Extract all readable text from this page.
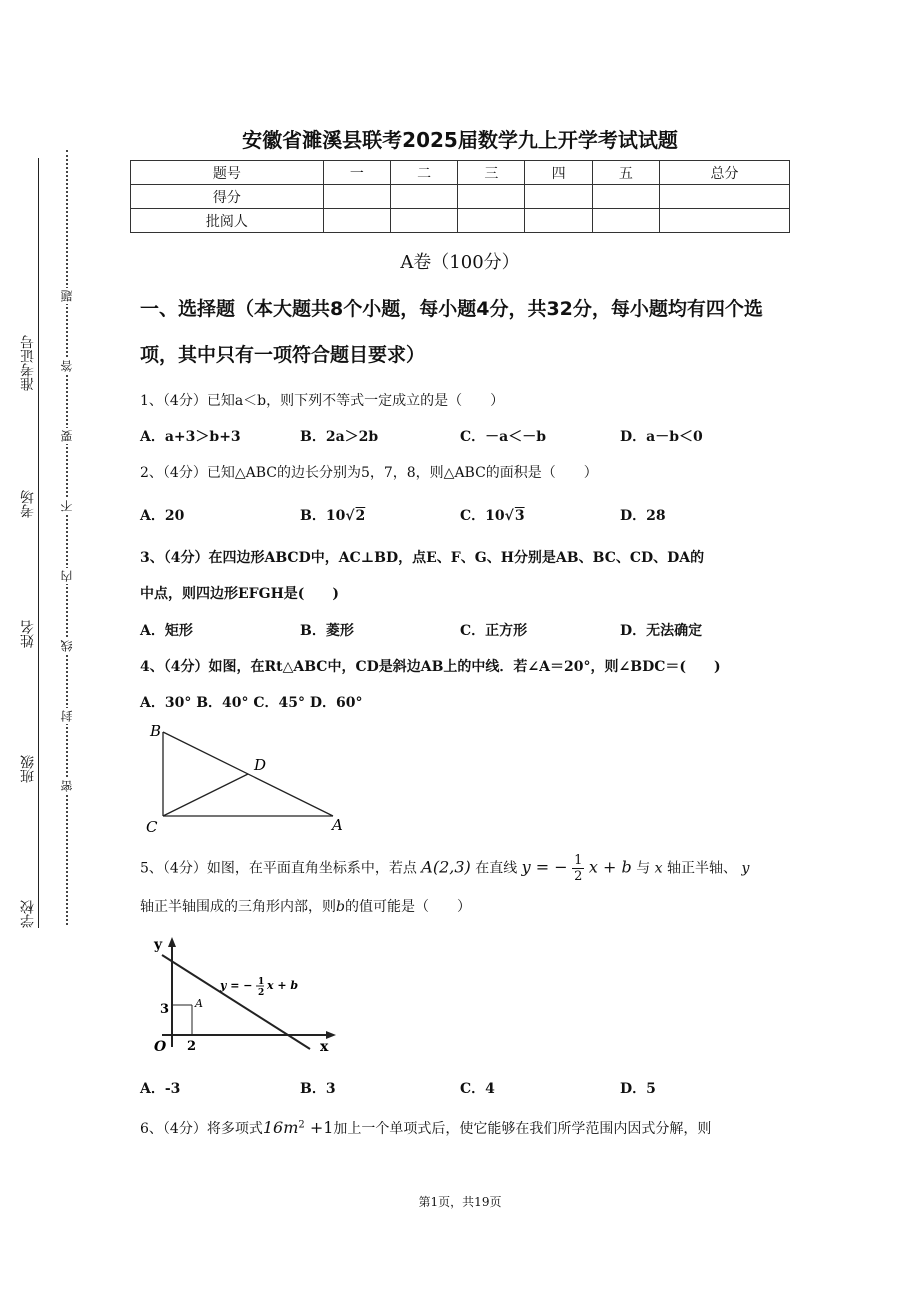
学校
班级
姓名
考场
准考证号
题
答
要
不
内
线
封
密
安徽省濉溪县联考2025届数学九上开学考试试题
题号	一	二	三	四	五	总分
得分						
批阅人						
A卷（100分）
一、选择题（本大题共8个小题，每小题4分，共32分，每小题均有四个选项，其中只有一项符合题目要求）
1、（4分）已知a＜b，则下列不等式一定成立的是（　　）
A．a+3＞b+3	B．2a＞2b	C．－a＜－b	D．a－b＜0
2、（4分）已知△ABC的边长分别为5，7，8，则△ABC的面积是（　　）
A．20	B．10√2	C．10√3	D．28
3、（4分）在四边形ABCD中，AC⊥BD，点E、F、G、H分别是AB、BC、CD、DA的
中点，则四边形EFGH是(　　)
A．矩形	B．菱形	C．正方形	D．无法确定
4、（4分）如图，在Rt△ABC中，CD是斜边AB上的中线．若∠A＝20°，则∠BDC＝(　　)
A．30° B．40° C．45° D．60°
B
D
C	A
5、（4分）如图，在平面直角坐标系中，若点 A(2,3) 在直线 y = − $\frac{1}{2}$ x + b 与 x 轴正半轴、 y
轴正半轴围成的三角形内部，则b的值可能是（　　）
y
x
O 2
3 A
y = − 1
2
x + b
A．-3	B．3	C．4	D．5
6、（4分）将多项式$16m^2 +1$加上一个单项式后，使它能够在我们所学范围内因式分解，则
第1页，共19页
